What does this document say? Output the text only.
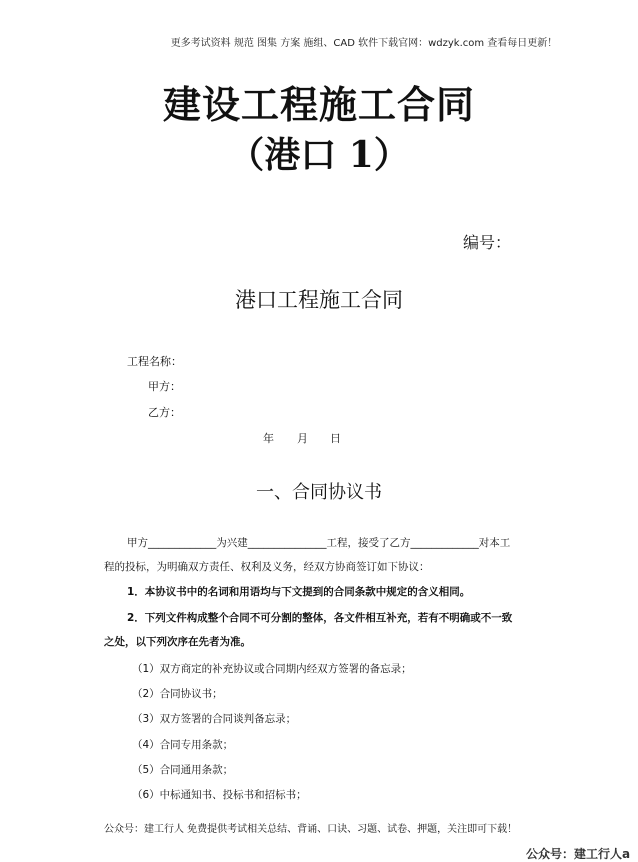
更多考试资料 规范 图集 方案 施组、CAD 软件下载官网：wdzyk.com 查看每日更新！
建设工程施工合同
（港口 1）
编号：
港口工程施工合同
工程名称：
甲方：
乙方：
年 月 日
一、合同协议书
甲方_____________为兴建_______________工程，接受了乙方_____________对本工
程的投标，为明确双方责任、权利及义务，经双方协商签订如下协议：
1．本协议书中的名词和用语均与下文提到的合同条款中规定的含义相同。
2．下列文件构成整个合同不可分割的整体，各文件相互补充，若有不明确或不一致
之处，以下列次序在先者为准。
（1）双方商定的补充协议或合同期内经双方签署的备忘录；
（2）合同协议书；
（3）双方签署的合同谈判备忘录；
（4）合同专用条款；
（5）合同通用条款；
（6）中标通知书、投标书和招标书；
公众号：建工行人 免费提供考试相关总结、背诵、口诀、习题、试卷、押题，关注即可下载！
公众号：建工行人a
